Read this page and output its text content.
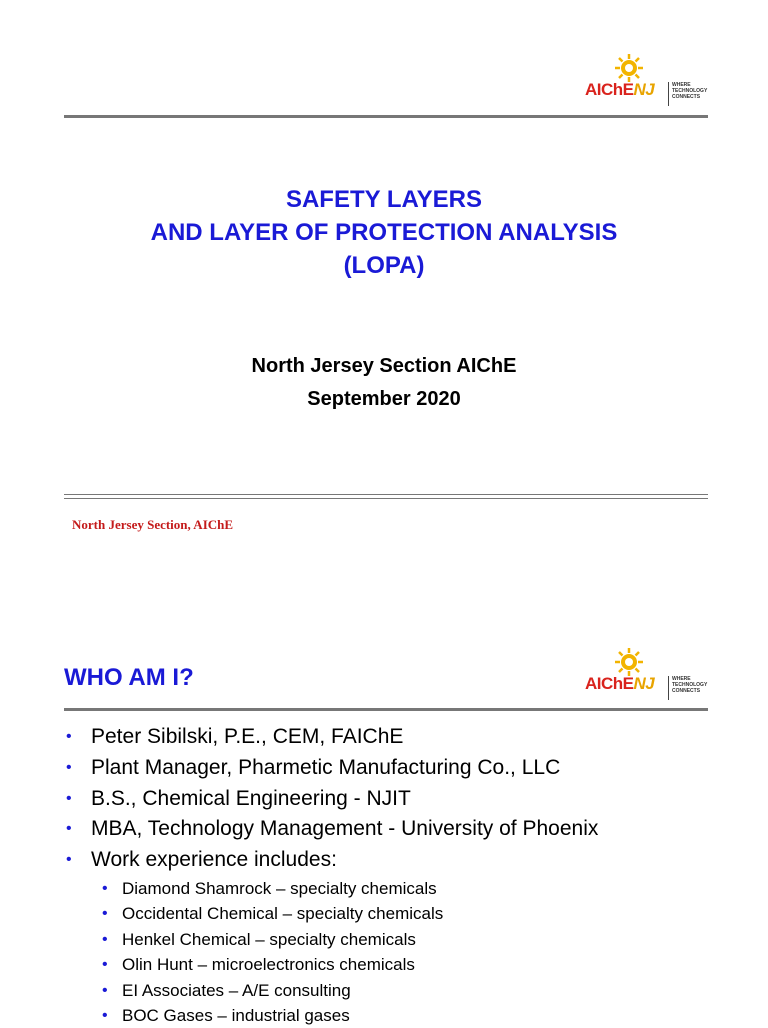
AIChENJ	WHERE
TECHNOLOGY
CONNECTS
SAFETY LAYERS
AND LAYER OF PROTECTION ANALYSIS
(LOPA)
North Jersey Section AIChE
September 2020
North Jersey Section, AIChE
AIChENJ	WHERE
TECHNOLOGY
CONNECTS
WHO AM I?
• Peter Sibilski, P.E., CEM, FAIChE
• Plant Manager, Pharmetic Manufacturing Co., LLC
• B.S., Chemical Engineering - NJIT
• MBA, Technology Management - University of Phoenix
• Work experience includes:
• Diamond Shamrock – specialty chemicals
• Occidental Chemical – specialty chemicals
• Henkel Chemical – specialty chemicals
• Olin Hunt – microelectronics chemicals
• EI Associates – A/E consulting
• BOC Gases – industrial gases
